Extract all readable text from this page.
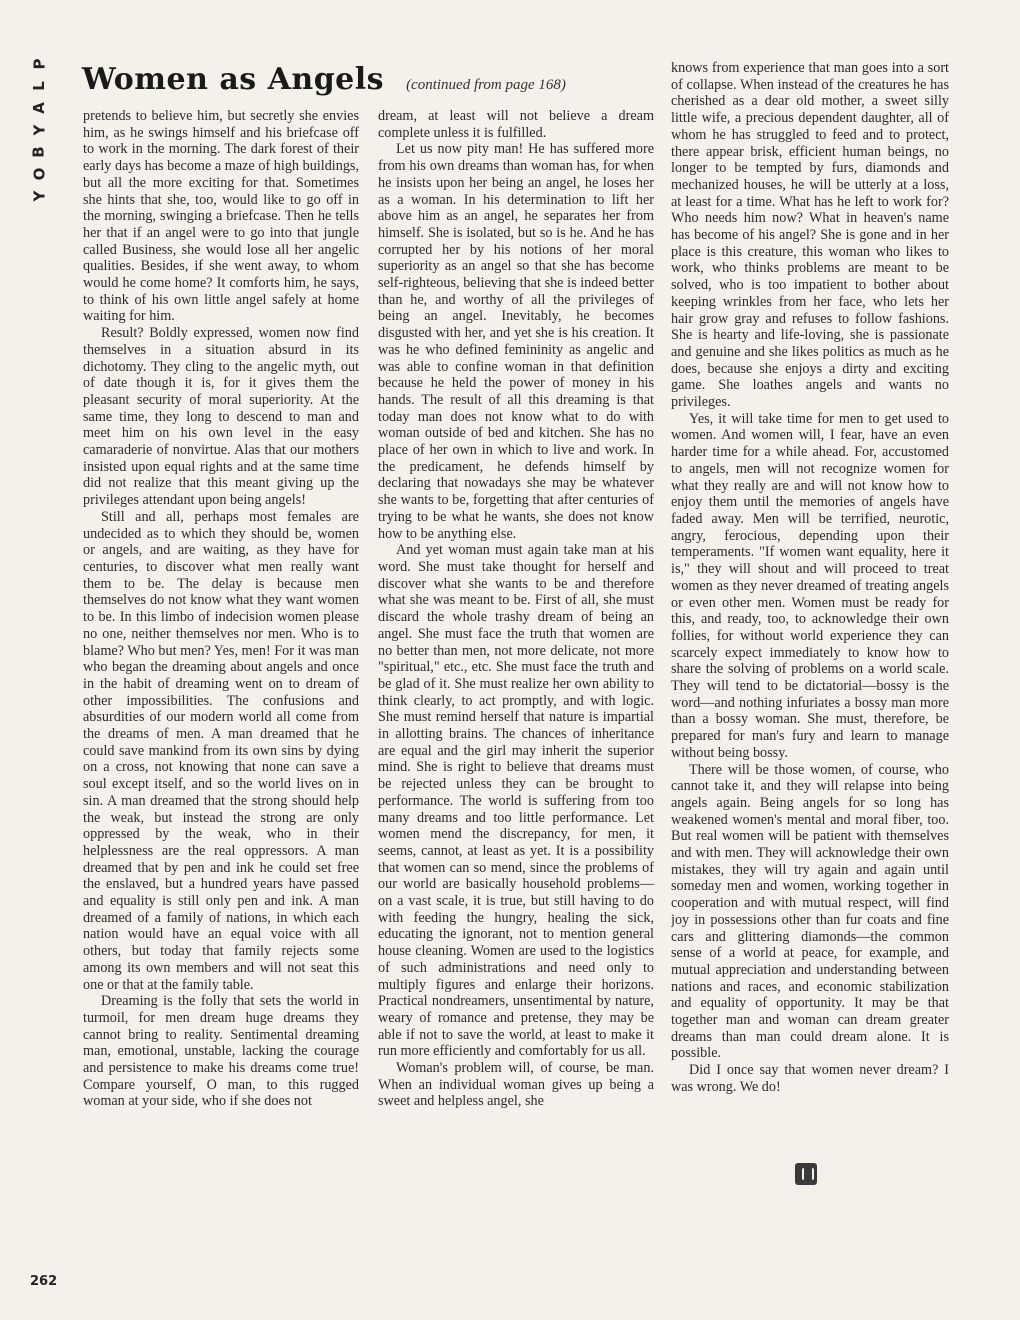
P
L
A
Y
B
O
Y
Women as Angels (continued from page 168)

pretends to believe him, but secretly she envies him, as he swings himself and his briefcase off to work in the morning. The dark forest of their early days has become a maze of high buildings, but all the more exciting for that. Sometimes she hints that she, too, would like to go off in the morning, swinging a briefcase. Then he tells her that if an angel were to go into that jungle called Business, she would lose all her angelic qualities. Besides, if she went away, to whom would he come home? It comforts him, he says, to think of his own little angel safely at home waiting for him.

Result? Boldly expressed, women now find themselves in a situation absurd in its dichotomy. They cling to the angelic myth, out of date though it is, for it gives them the pleasant security of moral superiority. At the same time, they long to descend to man and meet him on his own level in the easy camaraderie of nonvirtue. Alas that our mothers insisted upon equal rights and at the same time did not realize that this meant giving up the privileges attendant upon being angels!

Still and all, perhaps most females are undecided as to which they should be, women or angels, and are waiting, as they have for centuries, to discover what men really want them to be. The delay is because men themselves do not know what they want women to be. In this limbo of indecision women please no one, neither themselves nor men. Who is to blame? Who but men? Yes, men! For it was man who began the dreaming about angels and once in the habit of dreaming went on to dream of other impossibilities. The confusions and absurdities of our modern world all come from the dreams of men. A man dreamed that he could save mankind from its own sins by dying on a cross, not knowing that none can save a soul except itself, and so the world lives on in sin. A man dreamed that the strong should help the weak, but instead the strong are only oppressed by the weak, who in their helplessness are the real oppressors. A man dreamed that by pen and ink he could set free the enslaved, but a hundred years have passed and equality is still only pen and ink. A man dreamed of a family of nations, in which each nation would have an equal voice with all others, but today that family rejects some among its own members and will not seat this one or that at the family table.

Dreaming is the folly that sets the world in turmoil, for men dream huge dreams they cannot bring to reality. Sentimental dreaming man, emotional, unstable, lacking the courage and persistence to make his dreams come true! Compare yourself, O man, to this rugged woman at your side, who if she does not

dream, at least will not believe a dream complete unless it is fulfilled.

Let us now pity man! He has suffered more from his own dreams than woman has, for when he insists upon her being an angel, he loses her as a woman. In his determination to lift her above him as an angel, he separates her from himself. She is isolated, but so is he. And he has corrupted her by his notions of her moral superiority as an angel so that she has become self-righteous, believing that she is indeed better than he, and worthy of all the privileges of being an angel. Inevitably, he becomes disgusted with her, and yet she is his creation. It was he who defined femininity as angelic and was able to confine woman in that definition because he held the power of money in his hands. The result of all this dreaming is that today man does not know what to do with woman outside of bed and kitchen. She has no place of her own in which to live and work. In the predicament, he defends himself by declaring that nowadays she may be whatever she wants to be, forgetting that after centuries of trying to be what he wants, she does not know how to be anything else.

And yet woman must again take man at his word. She must take thought for herself and discover what she wants to be and therefore what she was meant to be. First of all, she must discard the whole trashy dream of being an angel. She must face the truth that women are no better than men, not more delicate, not more "spiritual," etc., etc. She must face the truth and be glad of it. She must realize her own ability to think clearly, to act promptly, and with logic. She must remind herself that nature is impartial in allotting brains. The chances of inheritance are equal and the girl may inherit the superior mind. She is right to believe that dreams must be rejected unless they can be brought to performance. The world is suffering from too many dreams and too little performance. Let women mend the discrepancy, for men, it seems, cannot, at least as yet. It is a possibility that women can so mend, since the problems of our world are basically household problems—on a vast scale, it is true, but still having to do with feeding the hungry, healing the sick, educating the ignorant, not to mention general house cleaning. Women are used to the logistics of such administrations and need only to multiply figures and enlarge their horizons. Practical nondreamers, unsentimental by nature, weary of romance and pretense, they may be able if not to save the world, at least to make it run more efficiently and comfortably for us all.

Woman's problem will, of course, be man. When an individual woman gives up being a sweet and helpless angel, she

knows from experience that man goes into a sort of collapse. When instead of the creatures he has cherished as a dear old mother, a sweet silly little wife, a precious dependent daughter, all of whom he has struggled to feed and to protect, there appear brisk, efficient human beings, no longer to be tempted by furs, diamonds and mechanized houses, he will be utterly at a loss, at least for a time. What has he left to work for? Who needs him now? What in heaven's name has become of his angel? She is gone and in her place is this creature, this woman who likes to work, who thinks problems are meant to be solved, who is too impatient to bother about keeping wrinkles from her face, who lets her hair grow gray and refuses to follow fashions. She is hearty and life-loving, she is passionate and genuine and she likes politics as much as he does, because she enjoys a dirty and exciting game. She loathes angels and wants no privileges.

Yes, it will take time for men to get used to women. And women will, I fear, have an even harder time for a while ahead. For, accustomed to angels, men will not recognize women for what they really are and will not know how to enjoy them until the memories of angels have faded away. Men will be terrified, neurotic, angry, ferocious, depending upon their temperaments. "If women want equality, here it is," they will shout and will proceed to treat women as they never dreamed of treating angels or even other men. Women must be ready for this, and ready, too, to acknowledge their own follies, for without world experience they can scarcely expect immediately to know how to share the solving of problems on a world scale. They will tend to be dictatorial—bossy is the word—and nothing infuriates a bossy man more than a bossy woman. She must, therefore, be prepared for man's fury and learn to manage without being bossy.

There will be those women, of course, who cannot take it, and they will relapse into being angels again. Being angels for so long has weakened women's mental and moral fiber, too. But real women will be patient with themselves and with men. They will acknowledge their own mistakes, they will try again and again until someday men and women, working together in cooperation and with mutual respect, will find joy in possessions other than fur coats and fine cars and glittering diamonds—the common sense of a world at peace, for example, and mutual appreciation and understanding between nations and races, and economic stabilization and equality of opportunity. It may be that together man and woman can dream greater dreams than man could dream alone. It is possible.

Did I once say that women never dream? I was wrong. We do!

262
